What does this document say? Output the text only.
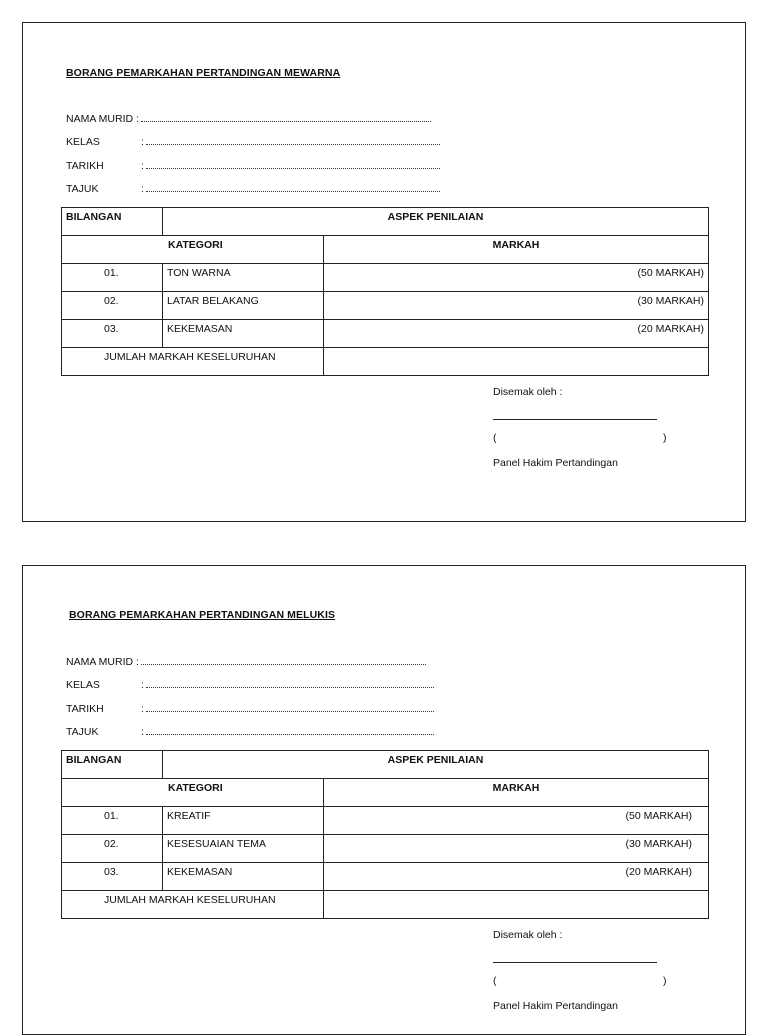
BORANG PEMARKAHAN PERTANDINGAN MEWARNA
NAMA MURID :
KELAS	:
TARIKH	:
TAJUK	:
BILANGAN	ASPEK PENILAIAN	
KATEGORI		MARKAH
01.	TON WARNA	(50 MARKAH)
02.	LATAR BELAKANG	(30 MARKAH)
03.	KEKEMASAN	(20 MARKAH)
JUMLAH MARKAH KESELURUHAN		
Disemak oleh :
(	)
Panel Hakim Pertandingan
BORANG PEMARKAHAN PERTANDINGAN MELUKIS
NAMA MURID :
KELAS	:
TARIKH	:
TAJUK	:
BILANGAN	ASPEK PENILAIAN	
KATEGORI		MARKAH
01.	KREATIF	(50 MARKAH)
02.	KESESUAIAN TEMA	(30 MARKAH)
03.	KEKEMASAN	(20 MARKAH)
JUMLAH MARKAH KESELURUHAN		
Disemak oleh :
(	)
Panel Hakim Pertandingan
